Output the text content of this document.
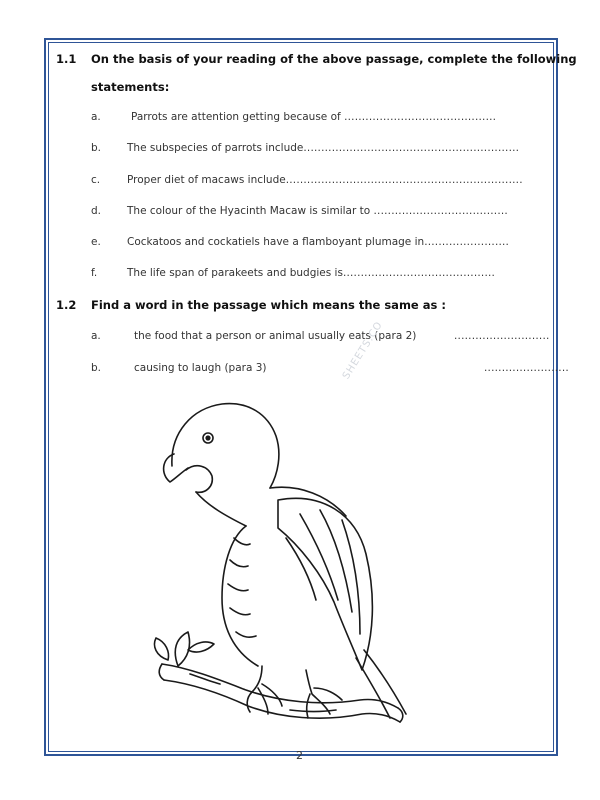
1.1 On the basis of your reading of the above passage, complete the following
statements:
a.	Parrots are attention getting because of ...........................................
b. The subspecies of parrots include.............................................................
c.	Proper diet of macaws include...................................................................
d. The colour of the Hyacinth Macaw is similar to ......................................
e. Cockatoos and cockatiels have a flamboyant plumage in........................
f.	The life span of parakeets and budgies is...........................................
1.2 Find a word in the passage which means the same as :
a.	the food that a person or animal usually eats (para 2)	...........................
b.	causing to laugh (para 3)	........................
SHEETS.CO
2
